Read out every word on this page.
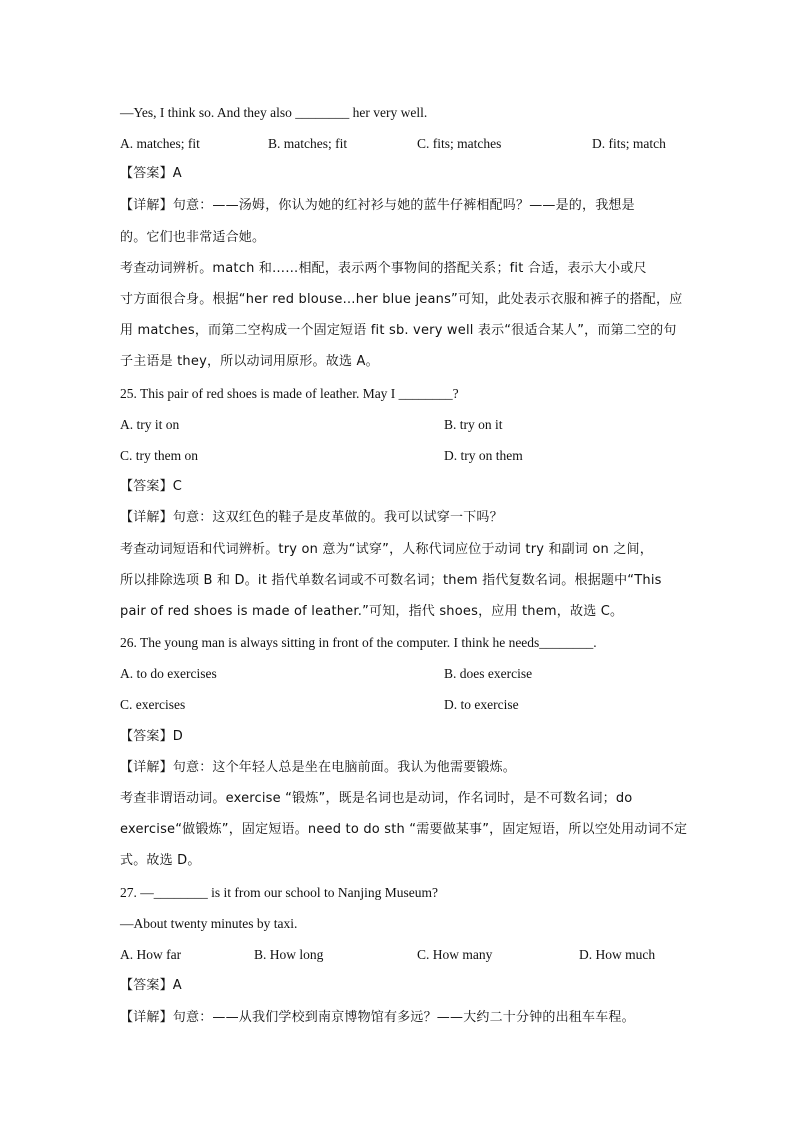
—Yes, I think so. And they also ________ her very well.
A. matches; fit	B. matches; fit	C. fits; matches	D. fits; match
【答案】A
【详解】句意：——汤姆，你认为她的红衬衫与她的蓝牛仔裤相配吗？——是的，我想是
的。它们也非常适合她。
考查动词辨析。match 和……相配，表示两个事物间的搭配关系；fit 合适，表示大小或尺
寸方面很合身。根据“her red blouse…her blue jeans”可知，此处表示衣服和裤子的搭配，应
用 matches，而第二空构成一个固定短语 fit sb. very well 表示“很适合某人”，而第二空的句
子主语是 they，所以动词用原形。故选 A。
25. This pair of red shoes is made of leather. May I ________?
A. try it on	B. try on it
C. try them on	D. try on them
【答案】C
【详解】句意：这双红色的鞋子是皮革做的。我可以试穿一下吗？
考查动词短语和代词辨析。try on 意为“试穿”，人称代词应位于动词 try 和副词 on 之间，
所以排除选项 B 和 D。it 指代单数名词或不可数名词；them 指代复数名词。根据题中“This
pair of red shoes is made of leather.”可知，指代 shoes，应用 them，故选 C。
26. The young man is always sitting in front of the computer. I think he needs________.
A. to do exercises	B. does exercise
C. exercises	D. to exercise
【答案】D
【详解】句意：这个年轻人总是坐在电脑前面。我认为他需要锻炼。
考查非谓语动词。exercise “锻炼”，既是名词也是动词，作名词时，是不可数名词；do
exercise“做锻炼”，固定短语。need to do sth “需要做某事”，固定短语，所以空处用动词不定
式。故选 D。
27. —________ is it from our school to Nanjing Museum?
—About twenty minutes by taxi.
A. How far	B. How long	C. How many	D. How much
【答案】A
【详解】句意：——从我们学校到南京博物馆有多远？——大约二十分钟的出租车车程。
